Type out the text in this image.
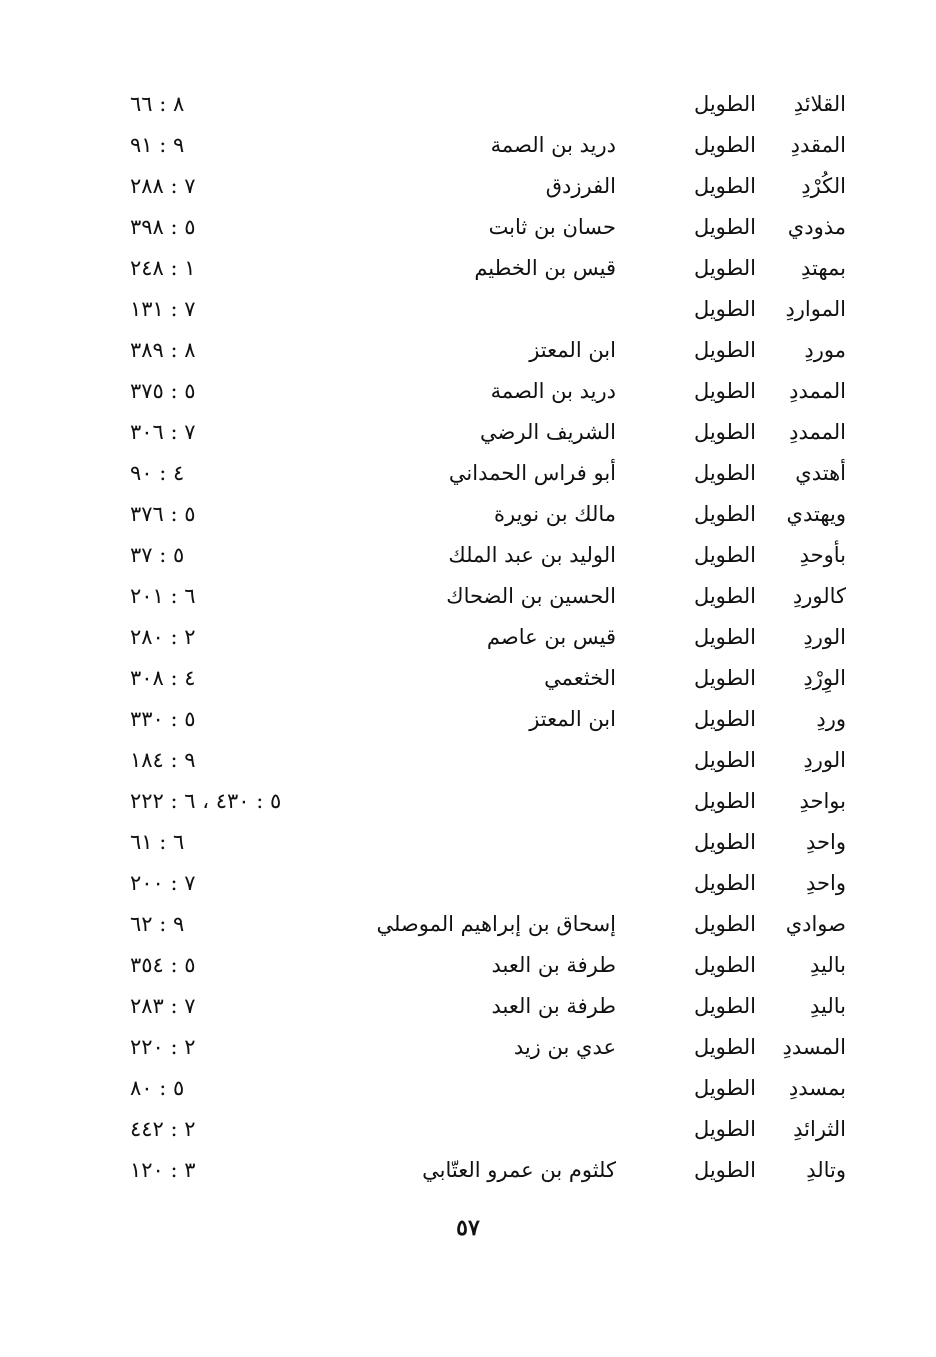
القلائدِ
الطويل
٨ : ٦٦
المقددِ
الطويل
دريد بن الصمة
٩ : ٩١
الكُرْدِ
الطويل
الفرزدق
٧ : ٢٨٨
مذودي
الطويل
حسان بن ثابت
٥ : ٣٩٨
بمهتدِ
الطويل
قيس بن الخطيم
١ : ٢٤٨
المواردِ
الطويل
٧ : ١٣١
موردِ
الطويل
ابن المعتز
٨ : ٣٨٩
الممددِ
الطويل
دريد بن الصمة
٥ : ٣٧٥
الممددِ
الطويل
الشريف الرضي
٧ : ٣٠٦
أهتدي
الطويل
أبو فراس الحمداني
٤ : ٩٠
ويهتدي
الطويل
مالك بن نويرة
٥ : ٣٧٦
بأوحدِ
الطويل
الوليد بن عبد الملك
٥ : ٣٧
كالوردِ
الطويل
الحسين بن الضحاك
٦ : ٢٠١
الوردِ
الطويل
قيس بن عاصم
٢ : ٢٨٠
الوِرْدِ
الطويل
الخثعمي
٤ : ٣٠٨
وردِ
الطويل
ابن المعتز
٥ : ٣٣٠
الوردِ
الطويل
٩ : ١٨٤
بواحدِ
الطويل
٥ : ٤٣٠ ، ٦ : ٢٢٢
واحدِ
الطويل
٦ : ٦١
واحدِ
الطويل
٧ : ٢٠٠
صوادي
الطويل
إسحاق بن إبراهيم الموصلي
٩ : ٦٢
باليدِ
الطويل
طرفة بن العبد
٥ : ٣٥٤
باليدِ
الطويل
طرفة بن العبد
٧ : ٢٨٣
المسددِ
الطويل
عدي بن زيد
٢ : ٢٢٠
بمسددِ
الطويل
٥ : ٨٠
الثرائدِ
الطويل
٢ : ٤٤٢
وتالدِ
الطويل
كلثوم بن عمرو العتّابي
٣ : ١٢٠
٥٧
